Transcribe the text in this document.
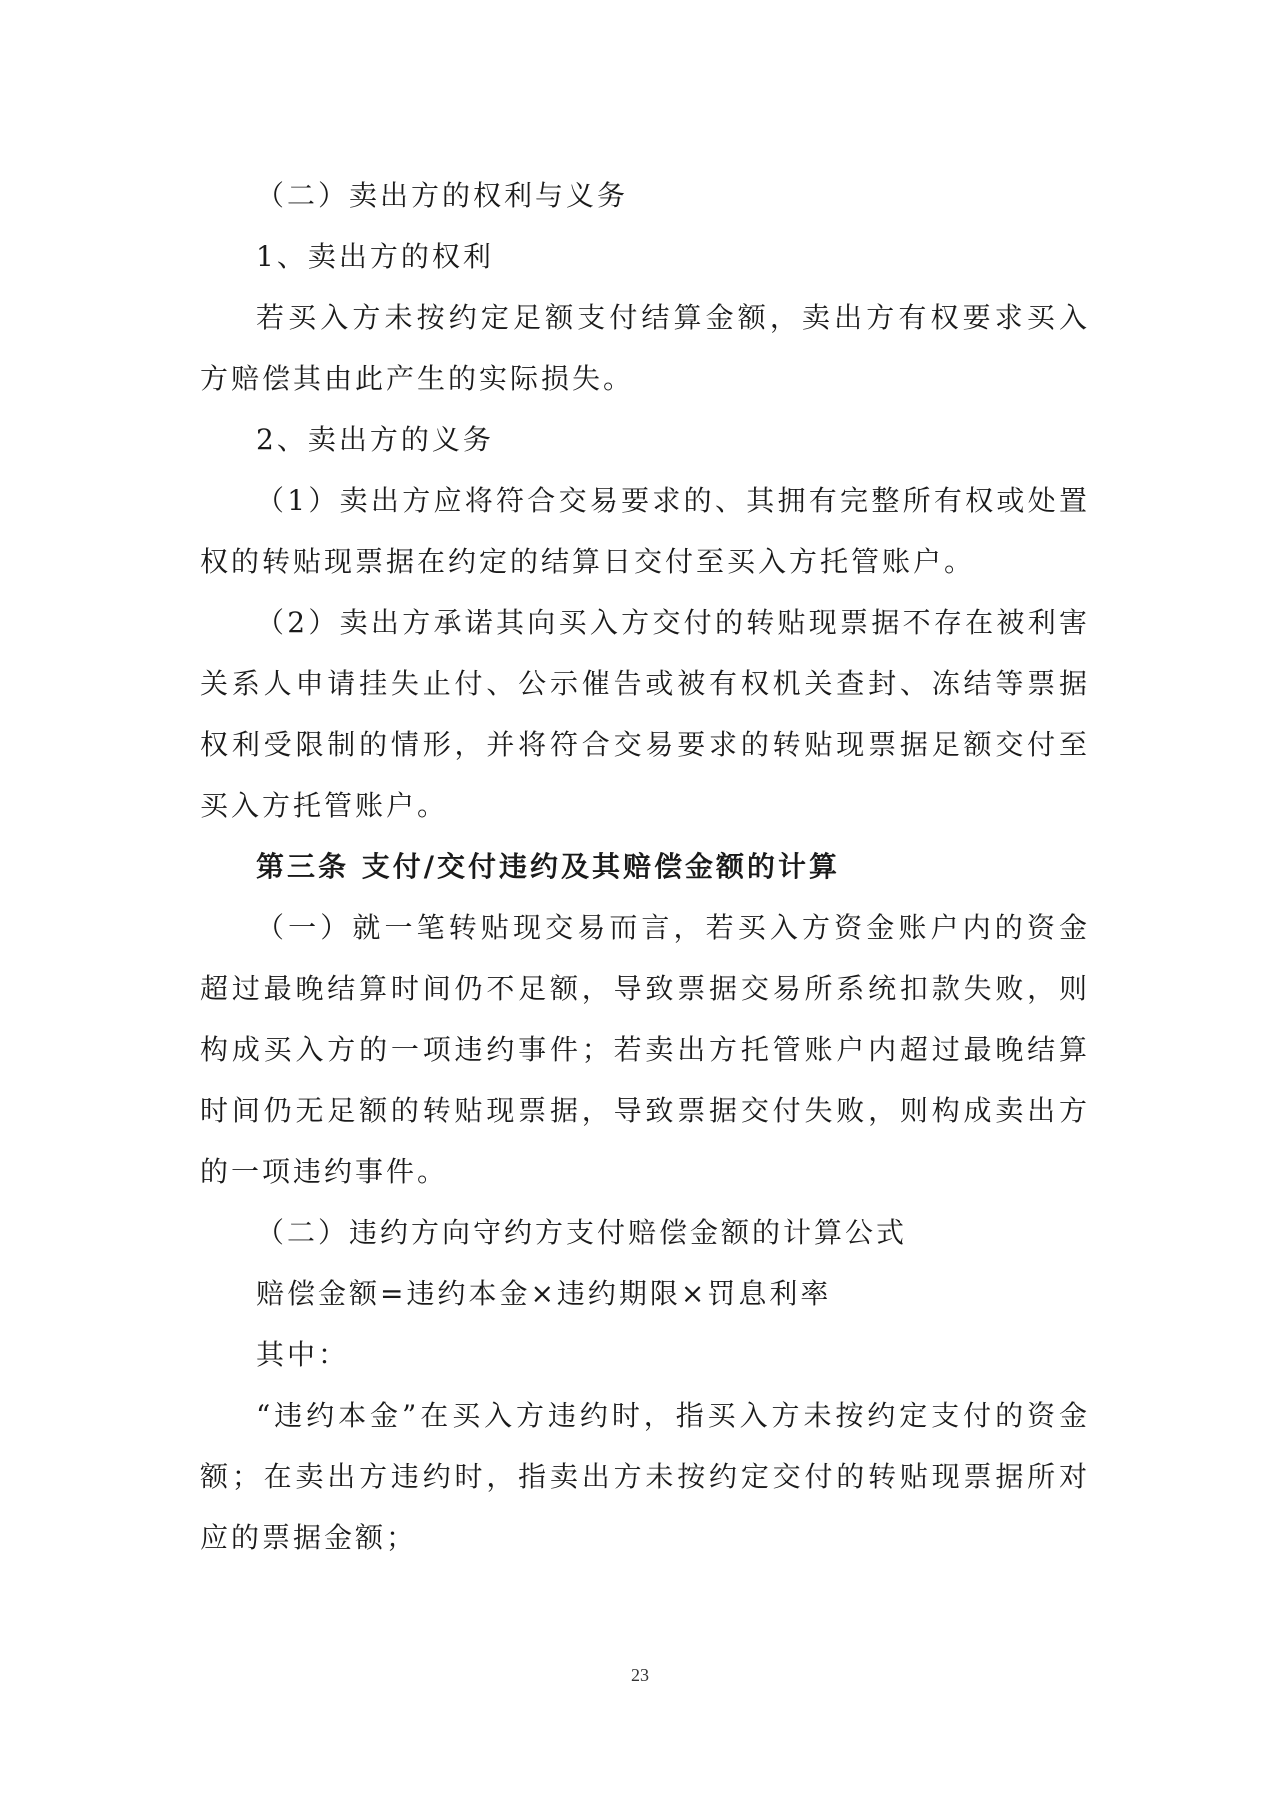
（二）卖出方的权利与义务

1、卖出方的权利

若买入方未按约定足额支付结算金额，卖出方有权要求买入方赔偿其由此产生的实际损失。

2、卖出方的义务

（1）卖出方应将符合交易要求的、其拥有完整所有权或处置权的转贴现票据在约定的结算日交付至买入方托管账户。

（2）卖出方承诺其向买入方交付的转贴现票据不存在被利害关系人申请挂失止付、公示催告或被有权机关查封、冻结等票据权利受限制的情形，并将符合交易要求的转贴现票据足额交付至买入方托管账户。

第三条 支付/交付违约及其赔偿金额的计算

（一）就一笔转贴现交易而言，若买入方资金账户内的资金超过最晚结算时间仍不足额，导致票据交易所系统扣款失败，则构成买入方的一项违约事件；若卖出方托管账户内超过最晚结算时间仍无足额的转贴现票据，导致票据交付失败，则构成卖出方的一项违约事件。

（二）违约方向守约方支付赔偿金额的计算公式

赔偿金额=违约本金×违约期限×罚息利率

其中：

“违约本金”在买入方违约时，指买入方未按约定支付的资金额；在卖出方违约时，指卖出方未按约定交付的转贴现票据所对应的票据金额；

23
